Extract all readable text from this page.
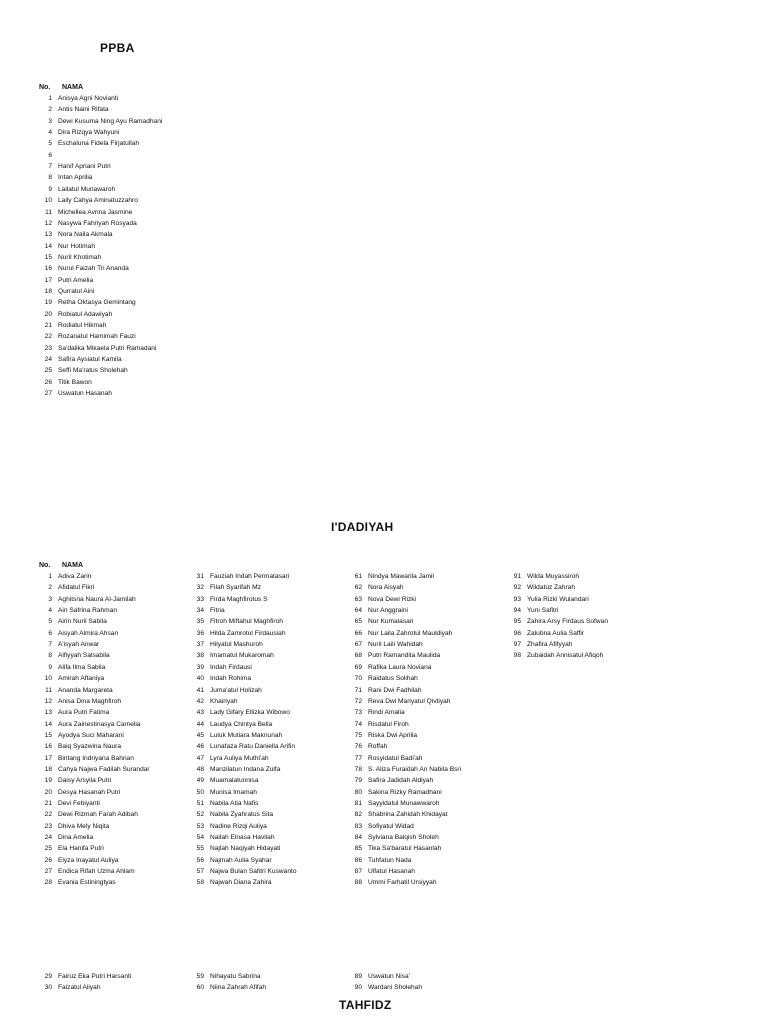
PPBA
No. NAMA
1 Anisya Agni Novianti
2 Antis Naini Rifata
3 Dewi Kusuma Ning Ayu Ramadhani
4 Dira Rizqya Wahyuni
5 Eschaluna Fidela Firjatullah
6
7 Hanif Apriani Putri
8 Intan Aprilia
9 Lailatul Munawaroh
10 Laily Cahya Aminatuzzahro
11 Michellea Avrina Jasmine
12 Nasywa Fahriyah Rosyada
13 Nora Naila Akmala
14 Nur Hotimah
15 Nuril Khotimah
16 Nurul Faizah Tri Ananda
17 Putri Amelia
18 Qurratul Aini
19 Retha Oktasya Gemintang
20 Robiatul Adawiyah
21 Rodiatul Hikmah
22 Rozanatul Hamimah Fauzi
23 Sa'dalika Mikaela Putri Ramadani
24 Safira Aysiatul Kamila
25 Seffi Ma'ratus Sholehah
26 Titik Bawon
27 Uswatun Hasanah
I'DADIYAH
No. NAMA
1 Adiva Zarin
2 Afidatul Fikri
3 Aghitsna Naura Al-Jamilah
4 Ain Safrina Rahman
5 Airin Nuril Sabila
6 Aisyah Almira Ahsan
7 A'isyah Anwar
8 Alfiyyah Salsabila
9 Alifa Ilma Sabila
10 Amirah Aftaniya
11 Ananda Margareta
12 Anisa Dina Maghfiroh
13 Aura Putri Fatima
14 Aura Zainestinasya Camelia
15 Ayodya Suci Maharani
16 Baiq Syazwina Naura
17 Bintang Indriyana Bahrian
18 Cahya Najwa Fadilah Surandar
19 Daisy Arsyila Putri
20 Desya Hasanah Putri
21 Devi Febiyanti
22 Dewi Rizmah Farah Adibah
23 Dhiva Mely Niqita
24 Dina Amelia
25 Ela Hanifa Putri
26 Elyza Inayatul Auliya
27 Endica Rifah Uzma Ahlam
28 Evania Estiningtyas
31 Fauziah Indah Permatasari
32 Filah Syarifah Mz
33 Firda Maghfirotus S
34 Fitria
35 Fitroh Miftahul Maghfiroh
36 Hilda Zamrotul Firdausiah
37 Hilyatul Mashuroh
38 Imamatul Mukaromah
39 Indah Firdausi
40 Indah Rohima
41 Juma'atul Holizah
42 Khairiyah
43 Lady Gifary Ellizka Wibowo
44 Laudya Chintya Bella
45 Luluk Mutiara Maknunah
46 Lunafaza Ratu Daniella Arifin
47 Lyra Auliya Muthi'ah
48 Manzilatun Indana Zulfa
49 Muamalatunnisa
50 Munisa Imamah
51 Nabila Atia Nafis
52 Nabila Zyahratus Sita
53 Nadine Rizqi Auliya
54 Nailah Elnasa Havilah
55 Najlah Naqiyah Hidayati
56 Najmah Aulia Syahar
57 Najwa Bulan Safitri Kuswanto
58 Najwah Diana Zahira
61 Nindya Mawarila Jamil
62 Nora Aisyah
63 Nova Dewi Rizki
64 Nur Anggraini
65 Nur Kumalasari
66 Nur Laila Zahrotul Mauldiyah
67 Nuril Laili Wahidah
68 Putri Ramandita Maulida
69 Rafika Laura Noviana
70 Raidatus Solihah
71 Rani Dwi Fadhilah
72 Reva Dwi Mariyatul Qivtiyah
73 Rindi Amalia
74 Risdatul Firoh
75 Riska Dwi Aprilia
76 Roffah
77 Rosyidatul Badi'ah
78 S. Aliza Furaidah An Nabila Bsri
79 Safira Jadidah Aldiyah
80 Sakina Rizky Ramadhani
81 Sayyidatul Munawwaroh
82 Shabrina Zahidah Khidayat
83 Sofiyatul Widad
84 Sylviana Balqish Sholeh
85 Tika Sa'baratul Hasanlah
86 Tuhfatun Nada
87 Ulfatul Hasanah
88 Ummi Farhatil Ursiyyah
91 Wilda Muyassiroh
92 Wildatuz Zahrah
93 Yulia Rizki Wulandari
94 Yuni Safitri
95 Zahira Arsy Firdaus Sofwan
96 Zalubna Aulia Saffir
97 Zhafira Afifyyah
98 Zubaidah Annisatul Afiqoh
29 Fairuz Eka Putri Harsanti
30 Faizatul Aliyah
59 Nihayatu Sabrina
60 Niina Zahrah Afifah
89 Uswatun Nisa'
90 Wardani Sholehah
TAHFIDZ
